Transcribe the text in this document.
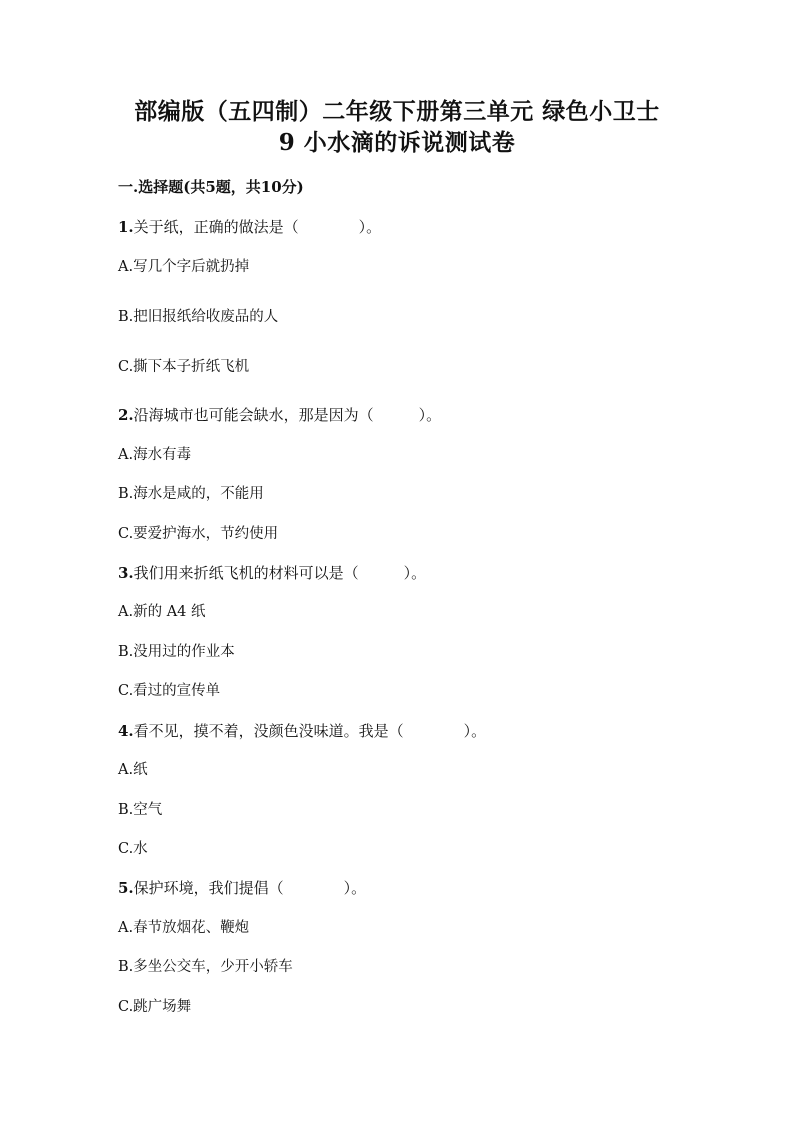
部编版（五四制）二年级下册第三单元 绿色小卫士
9 小水滴的诉说测试卷
一.选择题(共5题，共10分)
1.关于纸，正确的做法是（　　　　）。
A.写几个字后就扔掉
B.把旧报纸给收废品的人
C.撕下本子折纸飞机
2.沿海城市也可能会缺水，那是因为（　　　）。
A.海水有毒
B.海水是咸的，不能用
C.要爱护海水，节约使用
3.我们用来折纸飞机的材料可以是（　　　）。
A.新的 A4 纸
B.没用过的作业本
C.看过的宣传单
4.看不见，摸不着，没颜色没味道。我是（　　　　）。
A.纸
B.空气
C.水
5.保护环境，我们提倡（　　　　）。
A.春节放烟花、鞭炮
B.多坐公交车，少开小轿车
C.跳广场舞
